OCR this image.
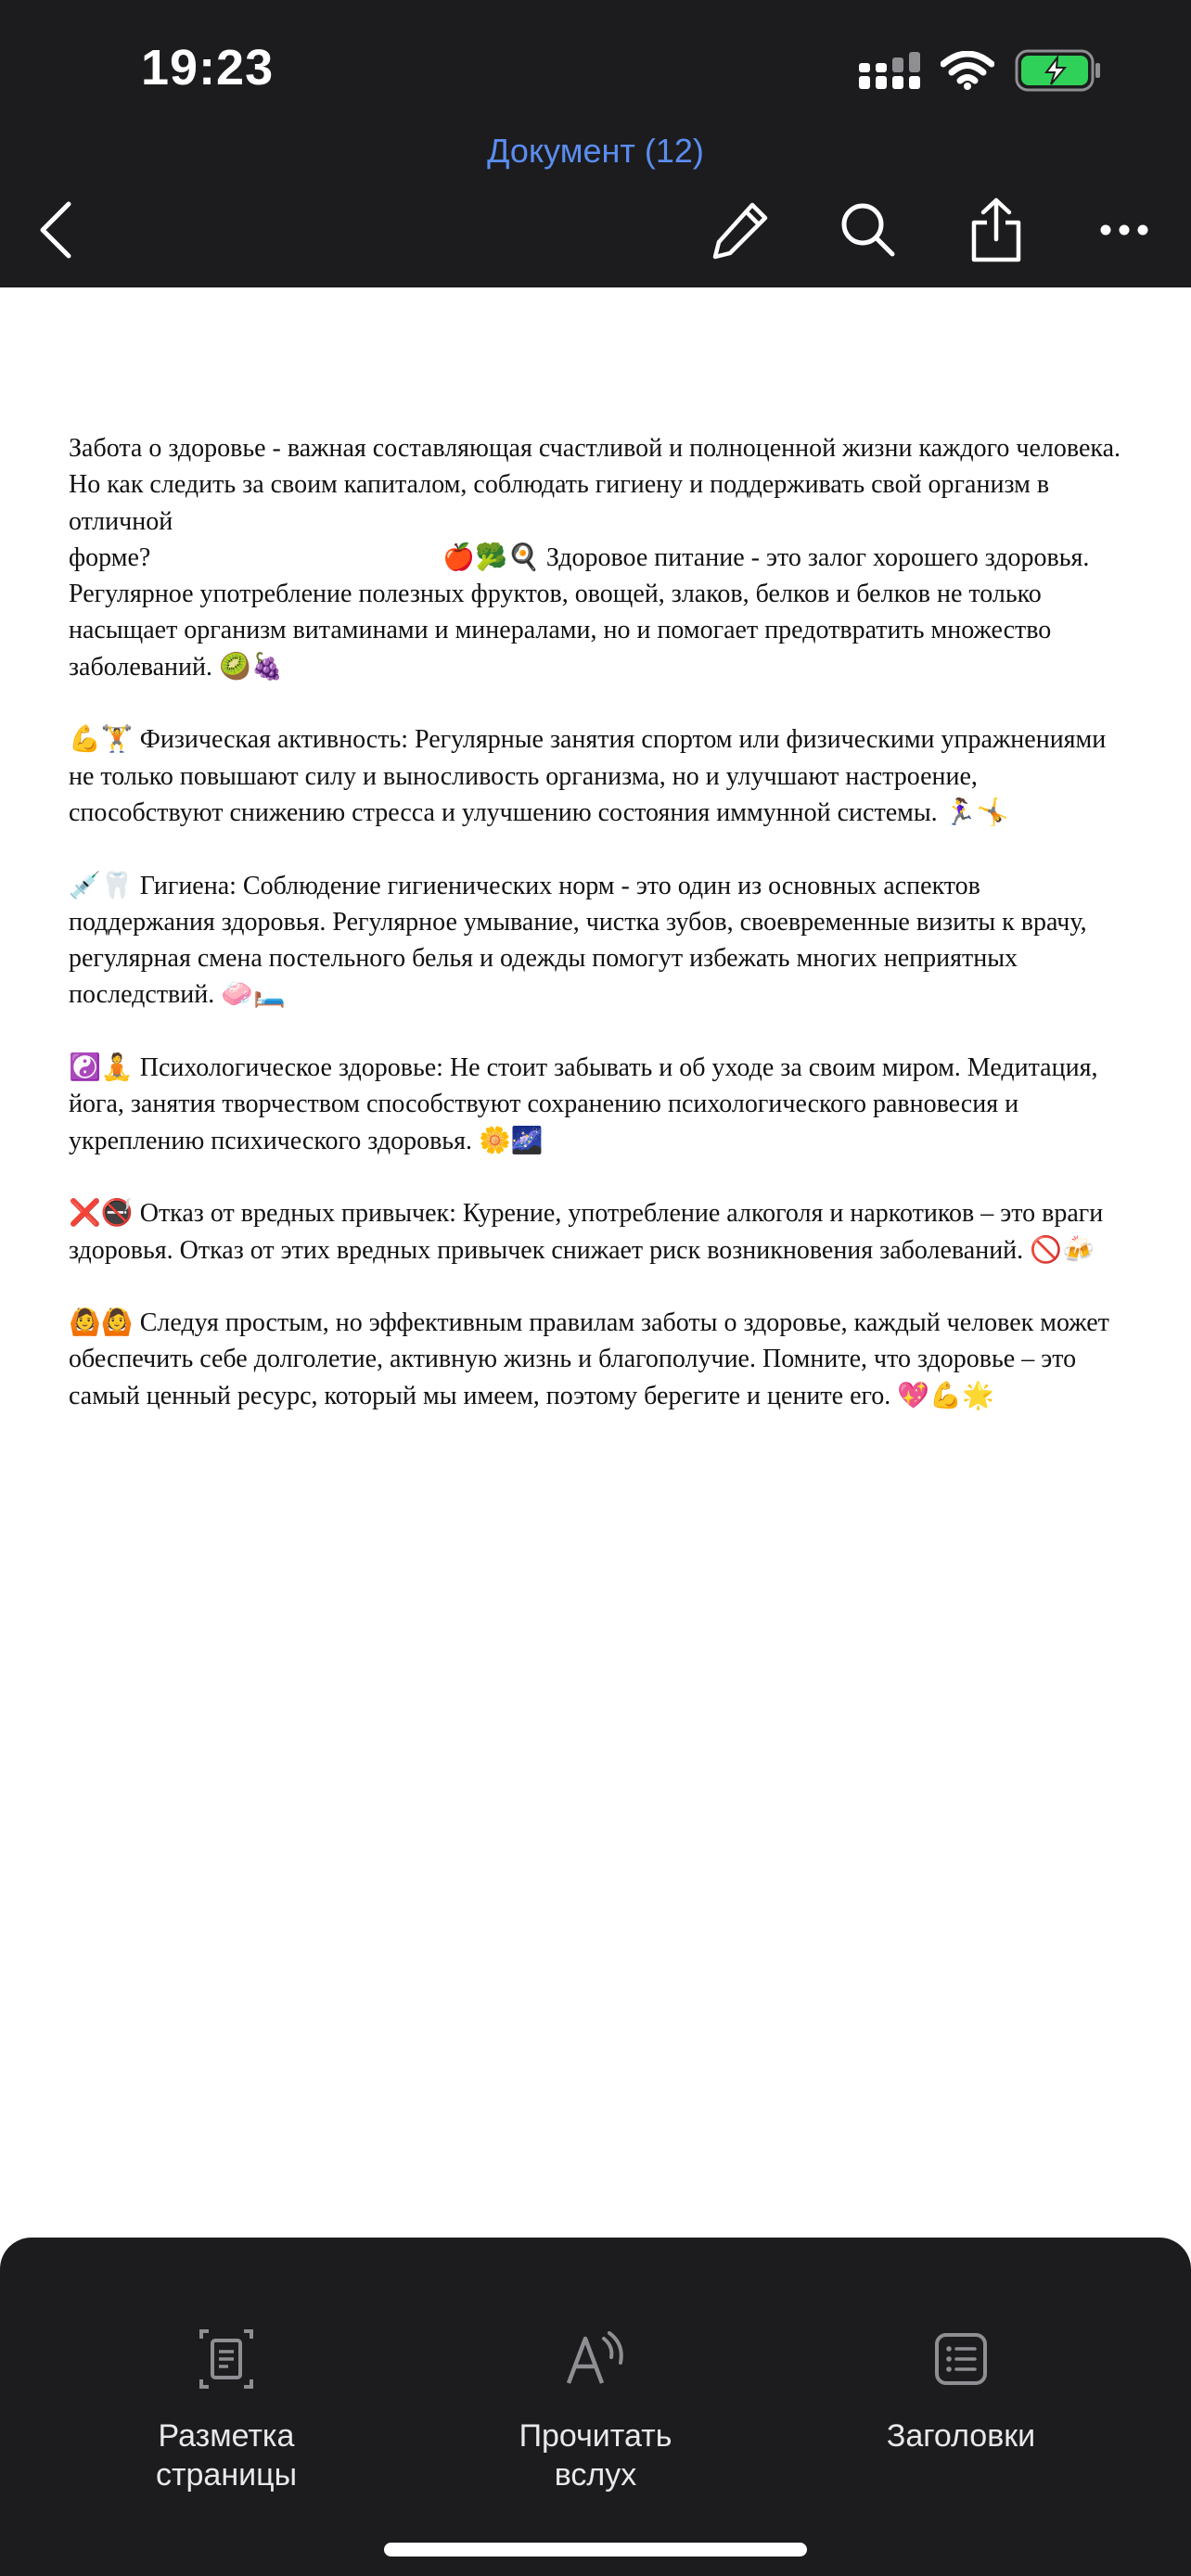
19:23
Документ (12)

Забота о здоровье - важная составляющая счастливой и полноценной жизни каждого человека. Но как следить за своим капиталом, соблюдать гигиену и поддерживать свой организм в отличной

форме?                                             🍎🥦🍳 Здоровое питание - это залог хорошего здоровья. Регулярное употребление полезных фруктов, овощей, злаков, белков и белков не только насыщает организм витаминами и минералами, но и помогает предотвратить множество заболеваний. 🥝🍇

💪🏋️ Физическая активность: Регулярные занятия спортом или физическими упражнениями не только повышают силу и выносливость организма, но и улучшают настроение, способствуют снижению стресса и улучшению состояния иммунной системы. 🏃‍♀️🤸

💉🦷 Гигиена: Соблюдение гигиенических норм - это один из основных аспектов поддержания здоровья. Регулярное умывание, чистка зубов, своевременные визиты к врачу, регулярная смена постельного белья и одежды помогут избежать многих неприятных последствий. 🧼🛏️

☯️🧘 Психологическое здоровье: Не стоит забывать и об уходе за своим миром. Медитация, йога, занятия творчеством способствуют сохранению психологического равновесия и укреплению психического здоровья. 🌼🌌

❌🚭 Отказ от вредных привычек: Курение, употребление алкоголя и наркотиков – это враги здоровья. Отказ от этих вредных привычек снижает риск возникновения заболеваний. 🚫🍻

🙆🙆 Следуя простым, но эффективным правилам заботы о здоровье, каждый человек может обеспечить себе долголетие, активную жизнь и благополучие. Помните, что здоровье – это самый ценный ресурс, который мы имеем, поэтому берегите и цените его. 💖💪🌟

Разметка
страницы
Прочитать
вслух
Заголовки
